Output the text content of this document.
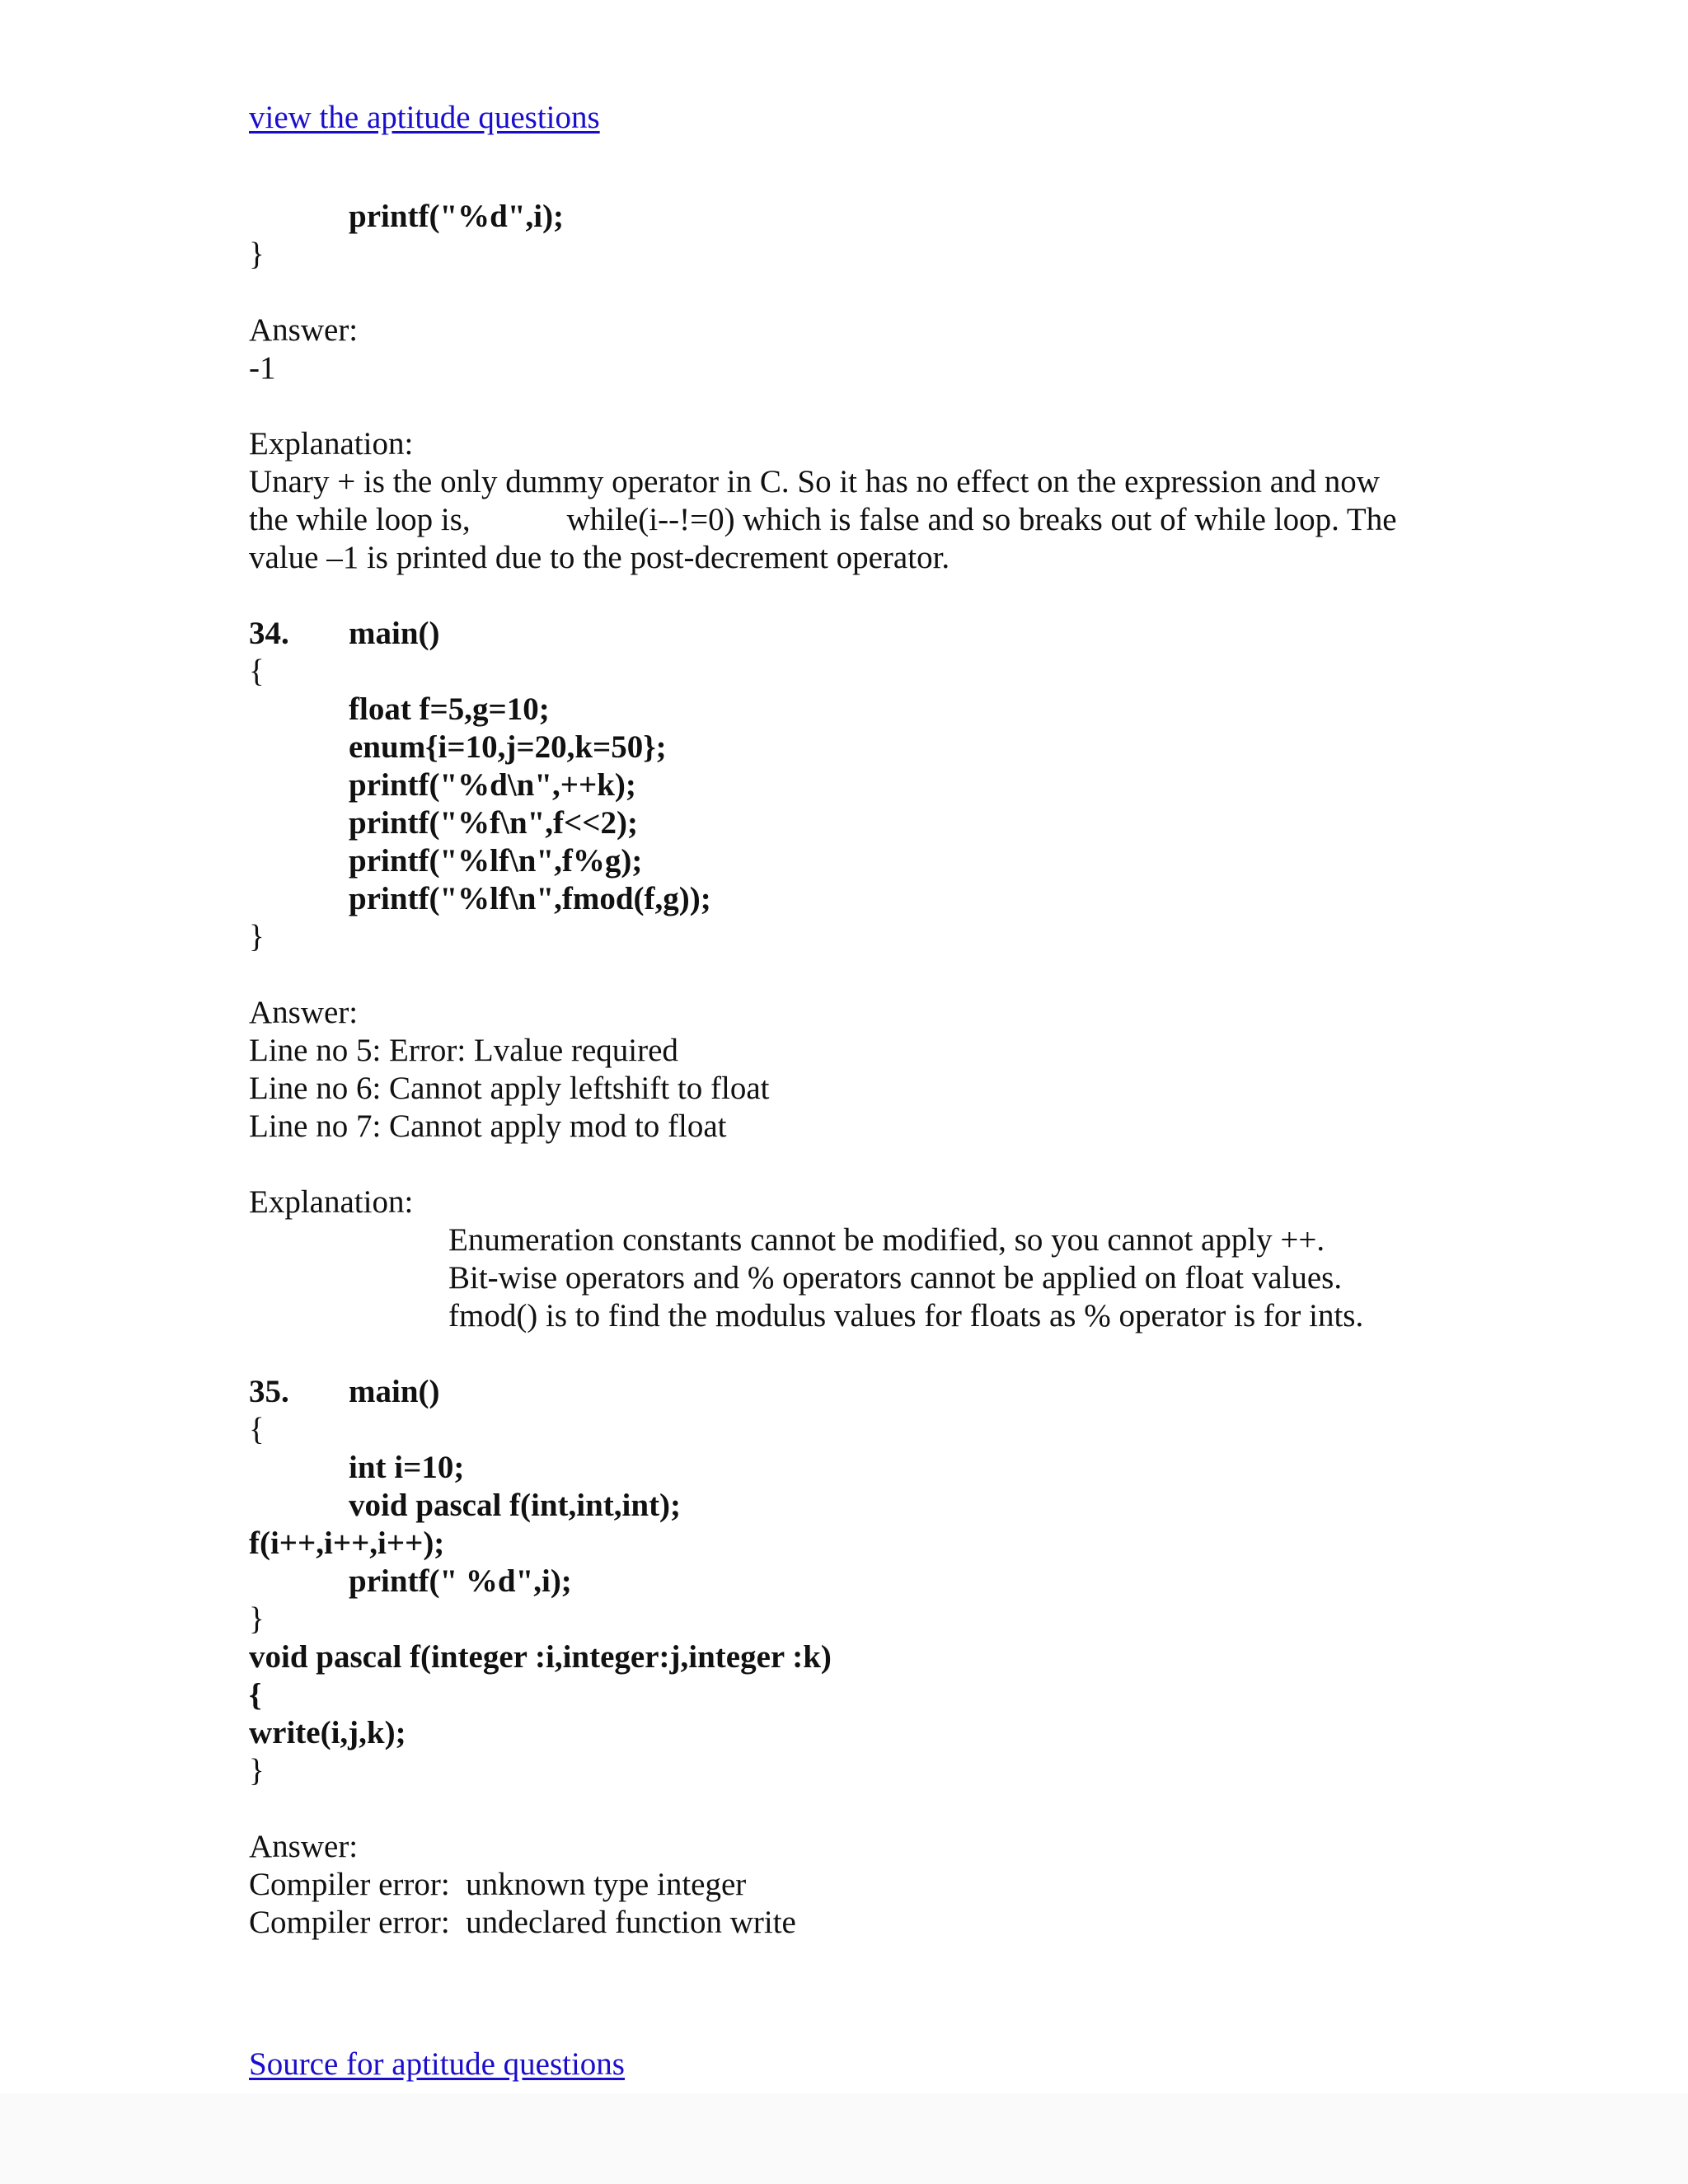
view the aptitude questions
printf("%d",i);
}
Answer:
-1
Explanation:
Unary + is the only dummy operator in C. So it has no effect on the expression and now
the while loop is,            while(i--!=0) which is false and so breaks out of while loop. The
value –1 is printed due to the post-decrement operator.
34. main()
{
float f=5,g=10;
enum{i=10,j=20,k=50};
printf("%d\n",++k);
printf("%f\n",f<<2);
printf("%lf\n",f%g);
printf("%lf\n",fmod(f,g));
}
Answer:
Line no 5: Error: Lvalue required
Line no 6: Cannot apply leftshift to float
Line no 7: Cannot apply mod to float
Explanation:
Enumeration constants cannot be modified, so you cannot apply ++.
Bit-wise operators and % operators cannot be applied on float values.
fmod() is to find the modulus values for floats as % operator is for ints.
35. main()
{
int i=10;
void pascal f(int,int,int);
f(i++,i++,i++);
printf(" %d",i);
}
void pascal f(integer :i,integer:j,integer :k)
{
write(i,j,k);
}
Answer:
Compiler error:  unknown type integer
Compiler error:  undeclared function write
Source for aptitude questions
